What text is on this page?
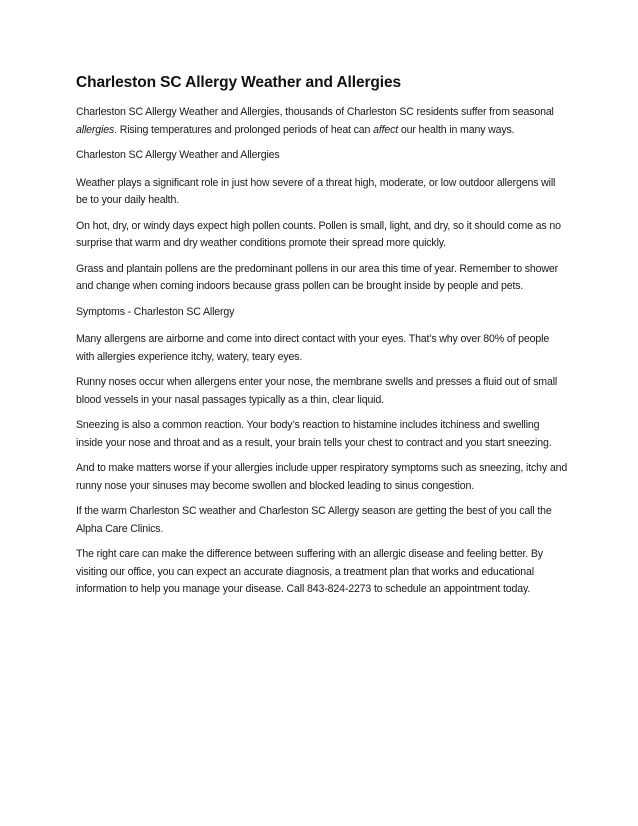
Charleston SC Allergy Weather and Allergies

Charleston SC Allergy Weather and Allergies, thousands of Charleston SC residents suffer from seasonal allergies. Rising temperatures and prolonged periods of heat can affect our health in many ways.

Charleston SC Allergy Weather and Allergies

Weather plays a significant role in just how severe of a threat high, moderate, or low outdoor allergens will be to your daily health.

On hot, dry, or windy days expect high pollen counts. Pollen is small, light, and dry, so it should come as no surprise that warm and dry weather conditions promote their spread more quickly.

Grass and plantain pollens are the predominant pollens in our area this time of year. Remember to shower and change when coming indoors because grass pollen can be brought inside by people and pets.

Symptoms - Charleston SC Allergy

Many allergens are airborne and come into direct contact with your eyes. That’s why over 80% of people with allergies experience itchy, watery, teary eyes.

Runny noses occur when allergens enter your nose, the membrane swells and presses a fluid out of small blood vessels in your nasal passages typically as a thin, clear liquid.

Sneezing is also a common reaction. Your body’s reaction to histamine includes itchiness and swelling inside your nose and throat and as a result, your brain tells your chest to contract and you start sneezing.

And to make matters worse if your allergies include upper respiratory symptoms such as sneezing, itchy and runny nose your sinuses may become swollen and blocked leading to sinus congestion.

If the warm Charleston SC weather and Charleston SC Allergy season are getting the best of you call the Alpha Care Clinics.

The right care can make the difference between suffering with an allergic disease and feeling better. By visiting our office, you can expect an accurate diagnosis, a treatment plan that works and educational information to help you manage your disease. Call 843-824-2273 to schedule an appointment today.
